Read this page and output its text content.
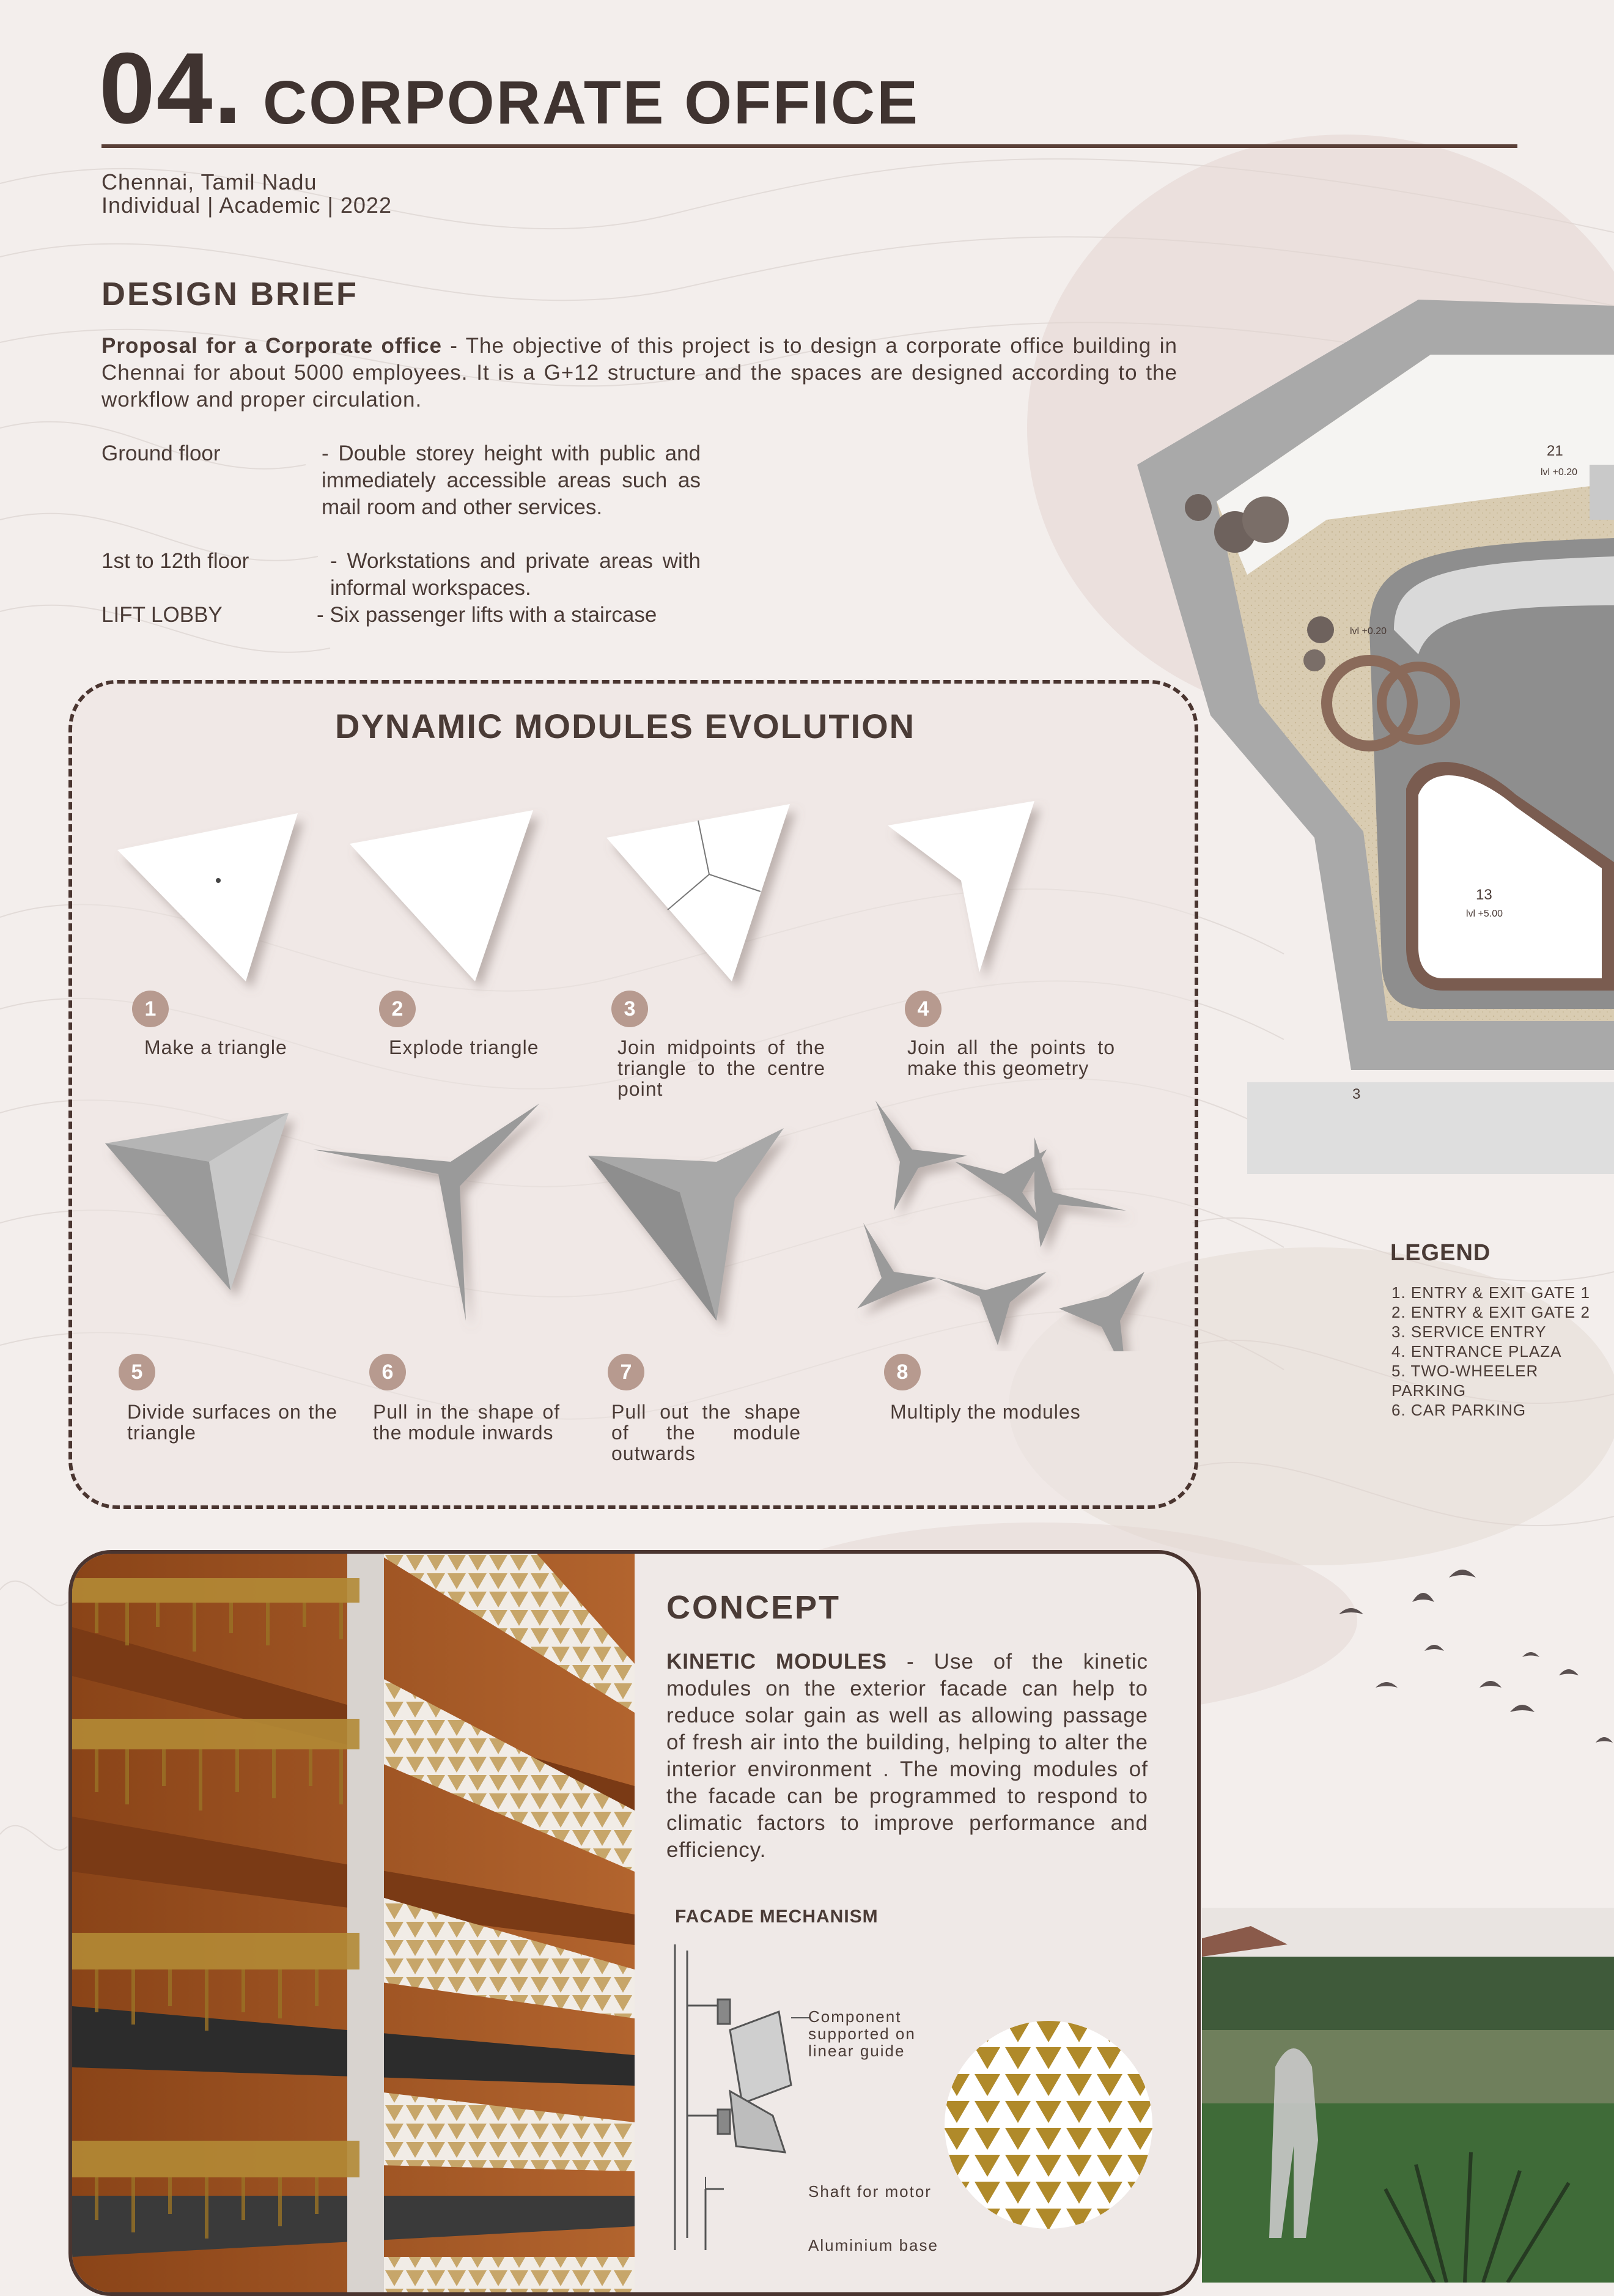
04. CORPORATE OFFICE
Chennai, Tamil Nadu
Individual | Academic | 2022
DESIGN BRIEF
Proposal for a Corporate office - The objective of this project is to design a corporate office building in Chennai for about 5000 employees. It is a G+12 structure and the spaces are designed according to the workflow and proper circulation.
Ground floor	- Double storey height with public and immediately accessible areas such as mail room and other services.
1st to 12th floor	- Workstations and private areas with informal workspaces.
LIFT LOBBY	- Six passenger lifts with a staircase
21
lvl +0.20
lvl +0.20
13
lvl +5.00
3
LEGEND
1. ENTRY & EXIT GATE 1
2. ENTRY & EXIT GATE 2
3. SERVICE ENTRY
4. ENTRANCE PLAZA
5. TWO-WHEELER PARKING
6. CAR PARKING
DYNAMIC MODULES EVOLUTION
1
Make a triangle
2
Explode triangle
3
Join midpoints of the triangle to the centre point
4
Join all the points to make this geometry
5
Divide surfaces on the triangle
6
Pull in the shape of the module inwards
7
Pull out the shape of the module outwards
8
Multiply the modules
CONCEPT
KINETIC MODULES - Use of the kinetic modules on the exterior facade can help to reduce solar gain as well as allowing passage of fresh air into the building, helping to alter the interior environment . The moving modules of the facade can be programmed to respond to climatic factors to improve performance and efficiency.
FACADE MECHANISM
Component supported on linear guide
Shaft for motor
Aluminium base
